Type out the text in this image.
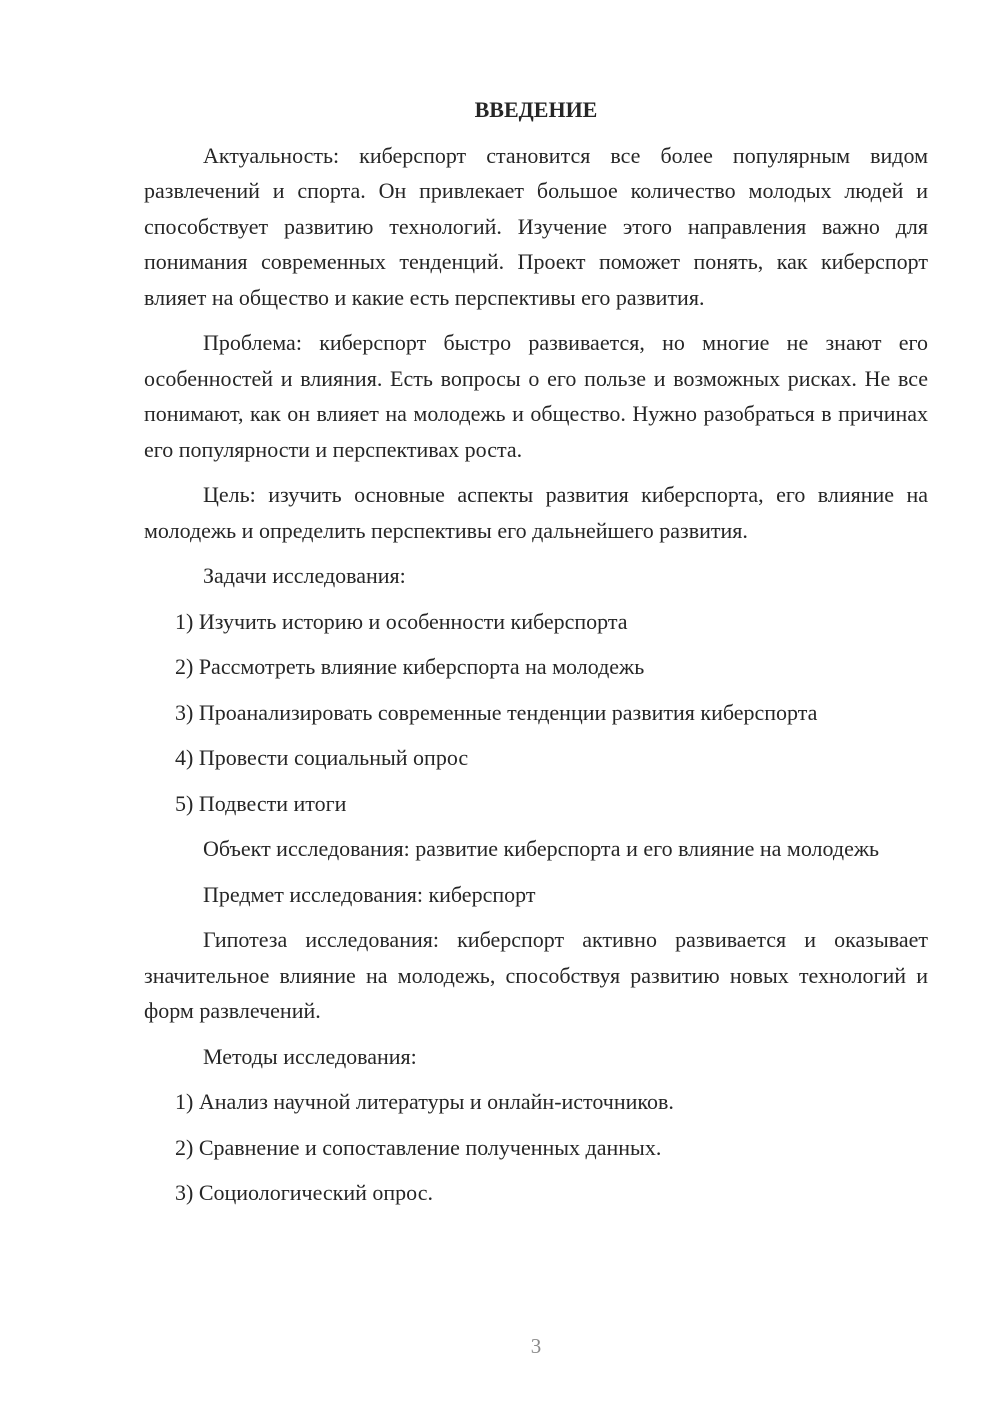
ВВЕДЕНИЕ

Актуальность: киберспорт становится все более популярным видом развлечений и спорта. Он привлекает большое количество молодых людей и способствует развитию технологий. Изучение этого направления важно для понимания современных тенденций. Проект поможет понять, как киберспорт влияет на общество и какие есть перспективы его развития.

Проблема: киберспорт быстро развивается, но многие не знают его особенностей и влияния. Есть вопросы о его пользе и возможных рисках. Не все понимают, как он влияет на молодежь и общество. Нужно разобраться в причинах его популярности и перспективах роста.

Цель: изучить основные аспекты развития киберспорта, его влияние на молодежь и определить перспективы его дальнейшего развития.

Задачи исследования:

1) Изучить историю и особенности киберспорта
2) Рассмотреть влияние киберспорта на молодежь
3) Проанализировать современные тенденции развития киберспорта
4) Провести социальный опрос
5) Подвести итоги

Объект исследования: развитие киберспорта и его влияние на молодежь

Предмет исследования: киберспорт

Гипотеза исследования: киберспорт активно развивается и оказывает значительное влияние на молодежь, способствуя развитию новых технологий и форм развлечений.

Методы исследования:

1) Анализ научной литературы и онлайн-источников.
2) Сравнение и сопоставление полученных данных.
3) Социологический опрос.
3
